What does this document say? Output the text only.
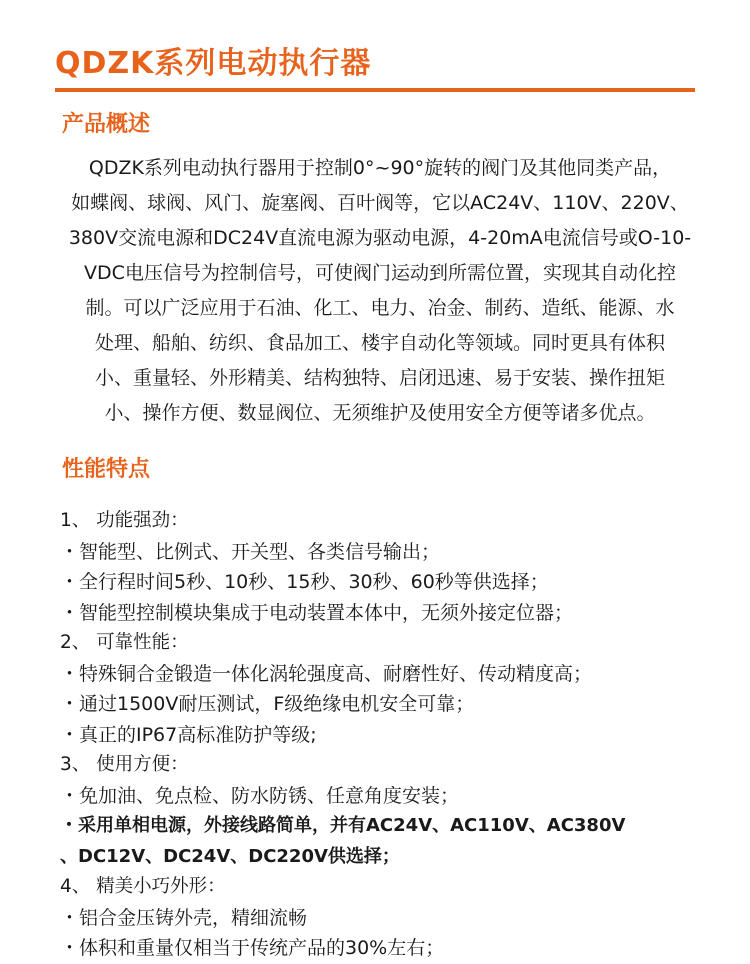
QDZK系列电动执行器
产品概述

QDZK系列电动执行器用于控制0°~90°旋转的阀门及其他同类产品，
如蝶阀、球阀、风门、旋塞阀、百叶阀等，它以AC24V、110V、220V、
380V交流电源和DC24V直流电源为驱动电源，4-20mA电流信号或O-10-
VDC电压信号为控制信号，可使阀门运动到所需位置，实现其自动化控
制。可以广泛应用于石油、化工、电力、冶金、制药、造纸、能源、水
处理、船舶、纺织、食品加工、楼宇自动化等领域。同时更具有体积
小、重量轻、外形精美、结构独特、启闭迅速、易于安装、操作扭矩
小、操作方便、数显阀位、无须维护及使用安全方便等诸多优点。

性能特点
1、 功能强劲：
・智能型、比例式、开关型、各类信号输出；
・全行程时间5秒、10秒、15秒、30秒、60秒等供选择；
・智能型控制模块集成于电动装置本体中，无须外接定位器；
2、 可靠性能：
・特殊铜合金锻造一体化涡轮强度高、耐磨性好、传动精度高；
・通过1500V耐压测试，F级绝缘电机安全可靠；
・真正的IP67高标准防护等级;
3、 使用方便：
・免加油、免点检、防水防锈、任意角度安装；
・采用单相电源，外接线路简单，并有AC24V、AC110V、AC380V
、DC12V、DC24V、DC220V供选择；
4、 精美小巧外形：
・铝合金压铸外壳，精细流畅
・体积和重量仅相当于传统产品的30%左右；
